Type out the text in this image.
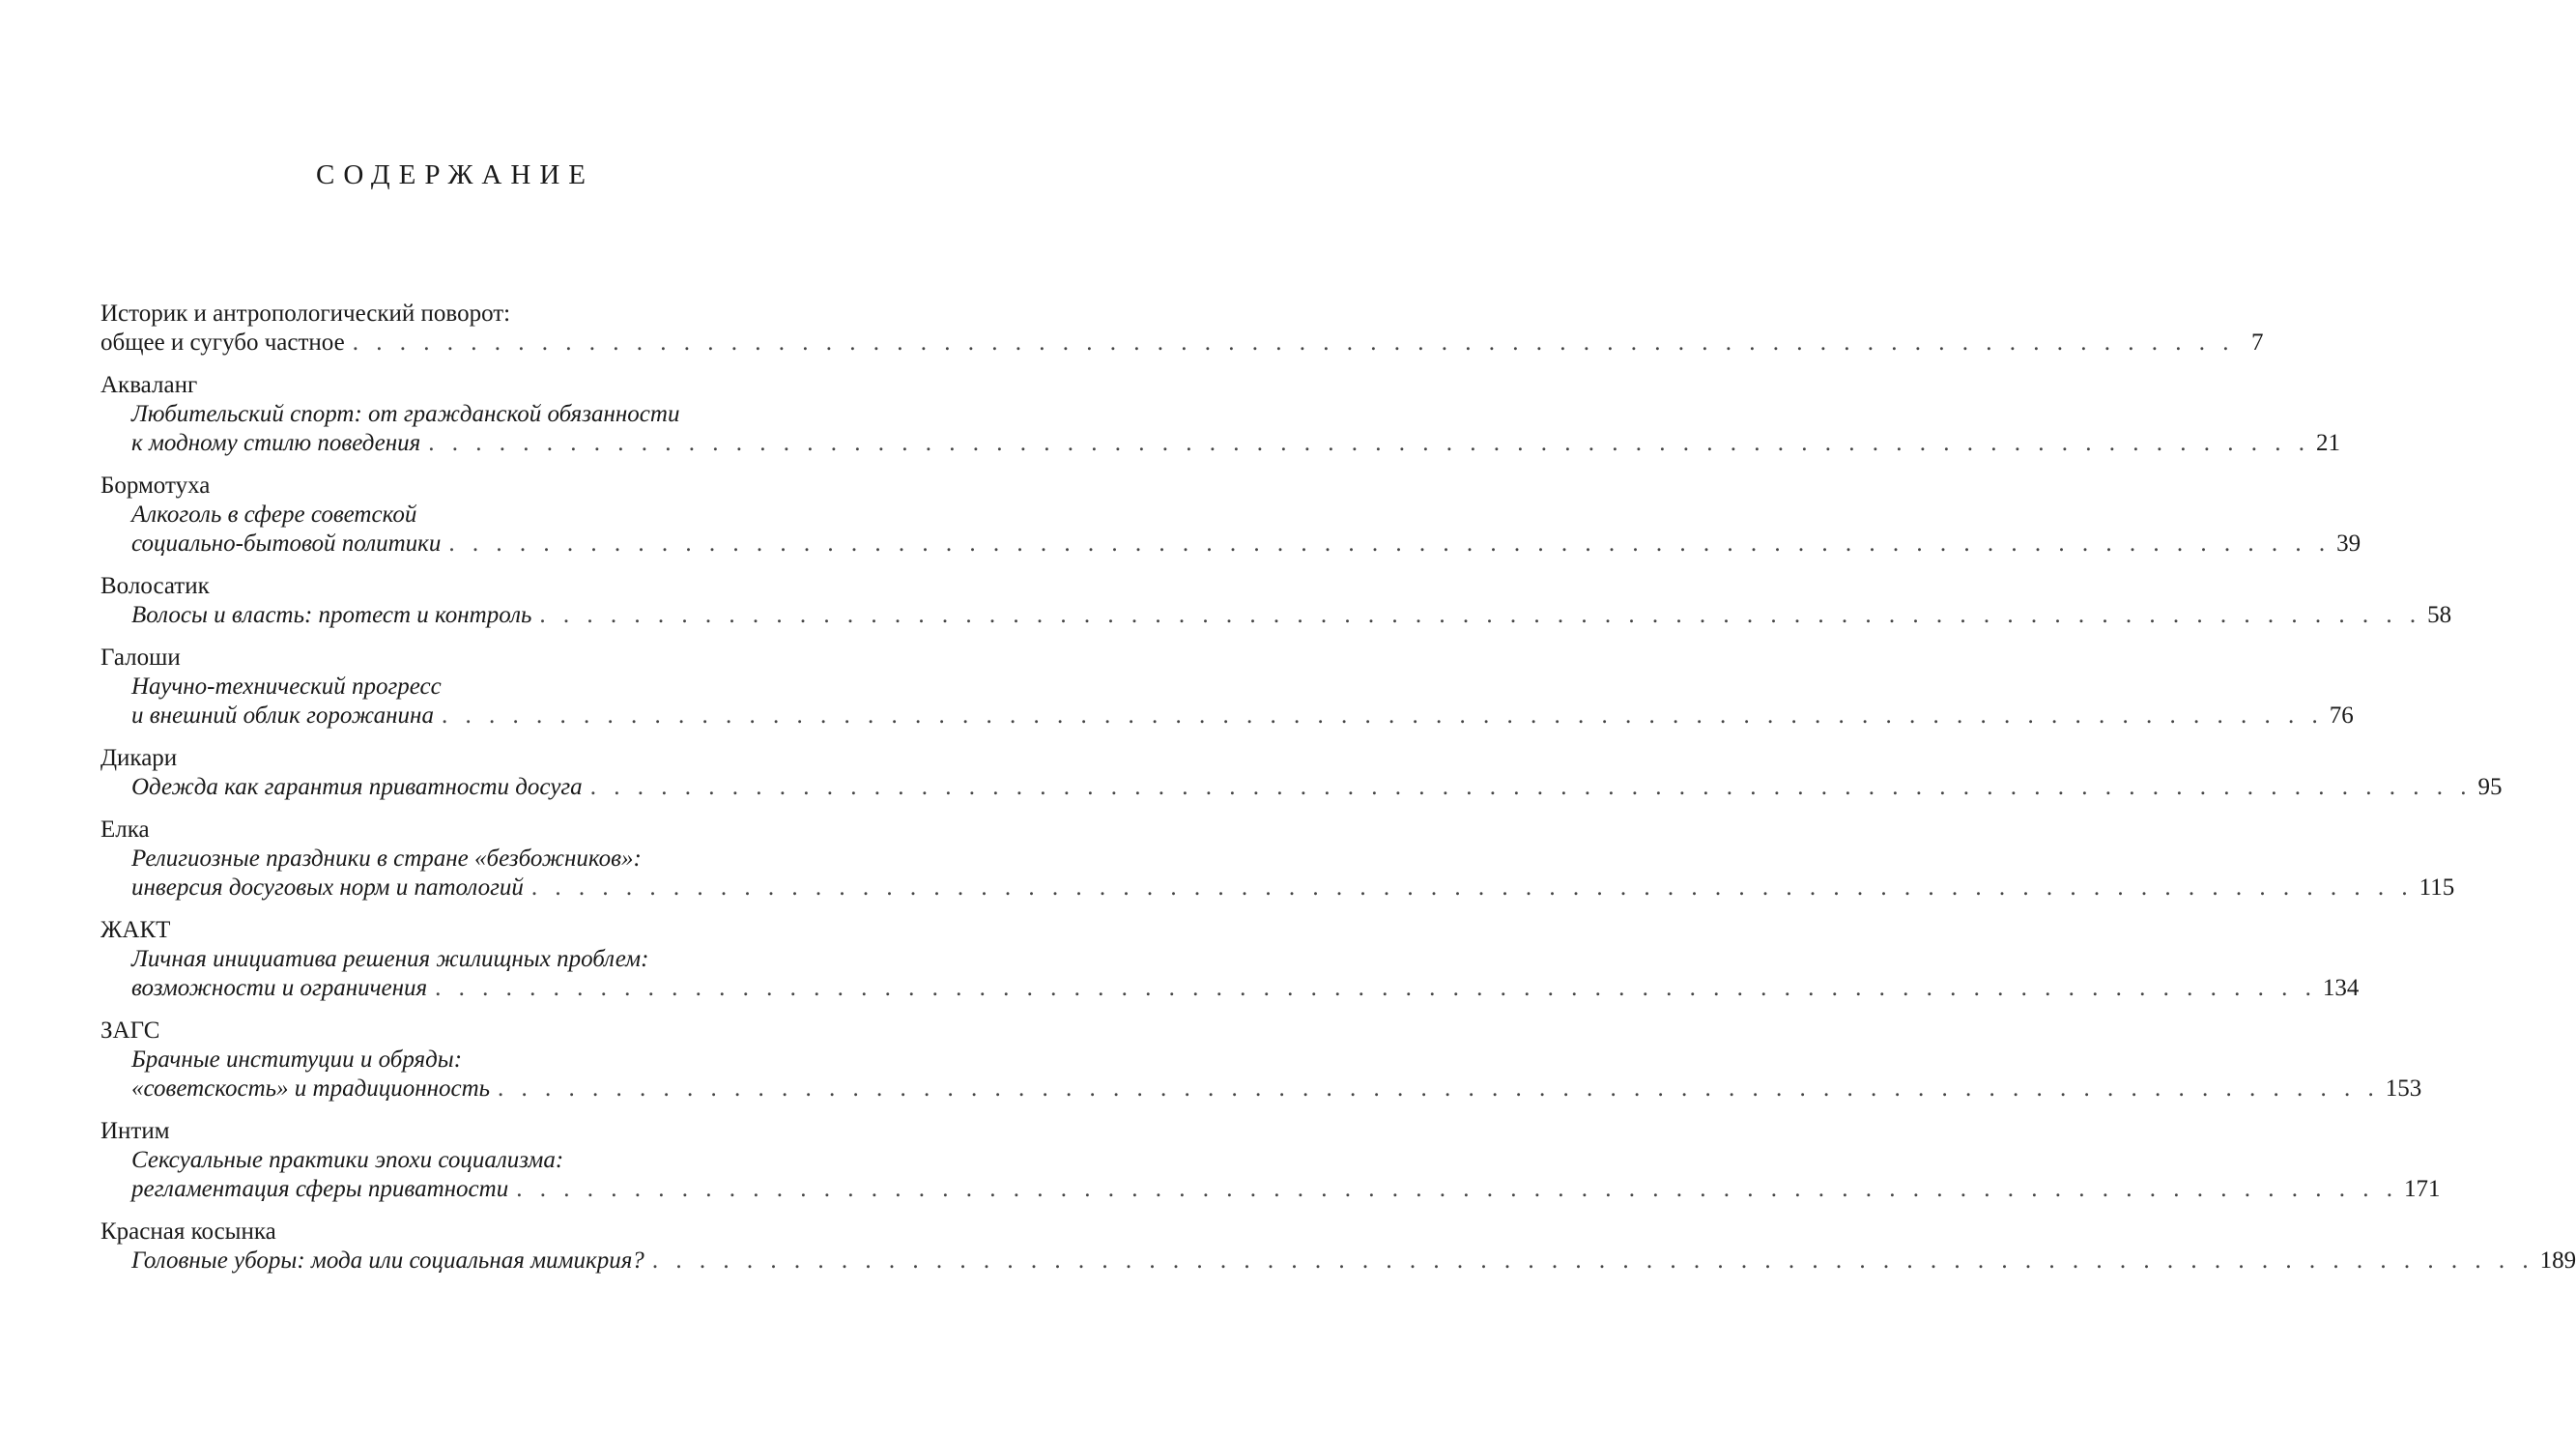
СОДЕРЖАНИЕ
Историк и антропологический поворот:
общее и сугубо частное . . . . . . . . . . . . . . . . . . . . . . . . . . . . . . . . . . . . . . . . . . . . . . . . . . . . . . . . . . . . . . . . . . . . . . . . . . . . . . . . 7
Акваланг
Любительский спорт: от гражданской обязанности
к модному стилю поведения . . . . . . . . . . . . . . . . . . . . . . . . . . . . . . . . . . . . . . . . . . . . . . . . . . . . . . . . . . . . . . . . . . . . . . . . . . . . . . . . 21
Бормотуха
Алкоголь в сфере советской
социально-бытовой политики . . . . . . . . . . . . . . . . . . . . . . . . . . . . . . . . . . . . . . . . . . . . . . . . . . . . . . . . . . . . . . . . . . . . . . . . . . . . . . . . 39
Волосатик
Волосы и власть: протест и контроль . . . . . . . . . . . . . . . . . . . . . . . . . . . . . . . . . . . . . . . . . . . . . . . . . . . . . . . . . . . . . . . . . . . . . . . . . . . . . . . . 58
Галоши
Научно-технический прогресс
и внешний облик горожанина . . . . . . . . . . . . . . . . . . . . . . . . . . . . . . . . . . . . . . . . . . . . . . . . . . . . . . . . . . . . . . . . . . . . . . . . . . . . . . . . 76
Дикари
Одежда как гарантия приватности досуга . . . . . . . . . . . . . . . . . . . . . . . . . . . . . . . . . . . . . . . . . . . . . . . . . . . . . . . . . . . . . . . . . . . . . . . . . . . . . . . . 95
Елка
Религиозные праздники в стране «безбожников»:
инверсия досуговых норм и патологий . . . . . . . . . . . . . . . . . . . . . . . . . . . . . . . . . . . . . . . . . . . . . . . . . . . . . . . . . . . . . . . . . . . . . . . . . . . . . . . . 115
ЖАКТ
Личная инициатива решения жилищных проблем:
возможности и ограничения . . . . . . . . . . . . . . . . . . . . . . . . . . . . . . . . . . . . . . . . . . . . . . . . . . . . . . . . . . . . . . . . . . . . . . . . . . . . . . . . 134
ЗАГС
Брачные институции и обряды:
«советскость» и традиционность . . . . . . . . . . . . . . . . . . . . . . . . . . . . . . . . . . . . . . . . . . . . . . . . . . . . . . . . . . . . . . . . . . . . . . . . . . . . . . . . 153
Интим
Сексуальные практики эпохи социализма:
регламентация сферы приватности . . . . . . . . . . . . . . . . . . . . . . . . . . . . . . . . . . . . . . . . . . . . . . . . . . . . . . . . . . . . . . . . . . . . . . . . . . . . . . . . 171
Красная косынка
Головные уборы: мода или социальная мимикрия? . . . . . . . . . . . . . . . . . . . . . . . . . . . . . . . . . . . . . . . . . . . . . . . . . . . . . . . . . . . . . . . . . . . . . . . . . . . . . . . . 189
